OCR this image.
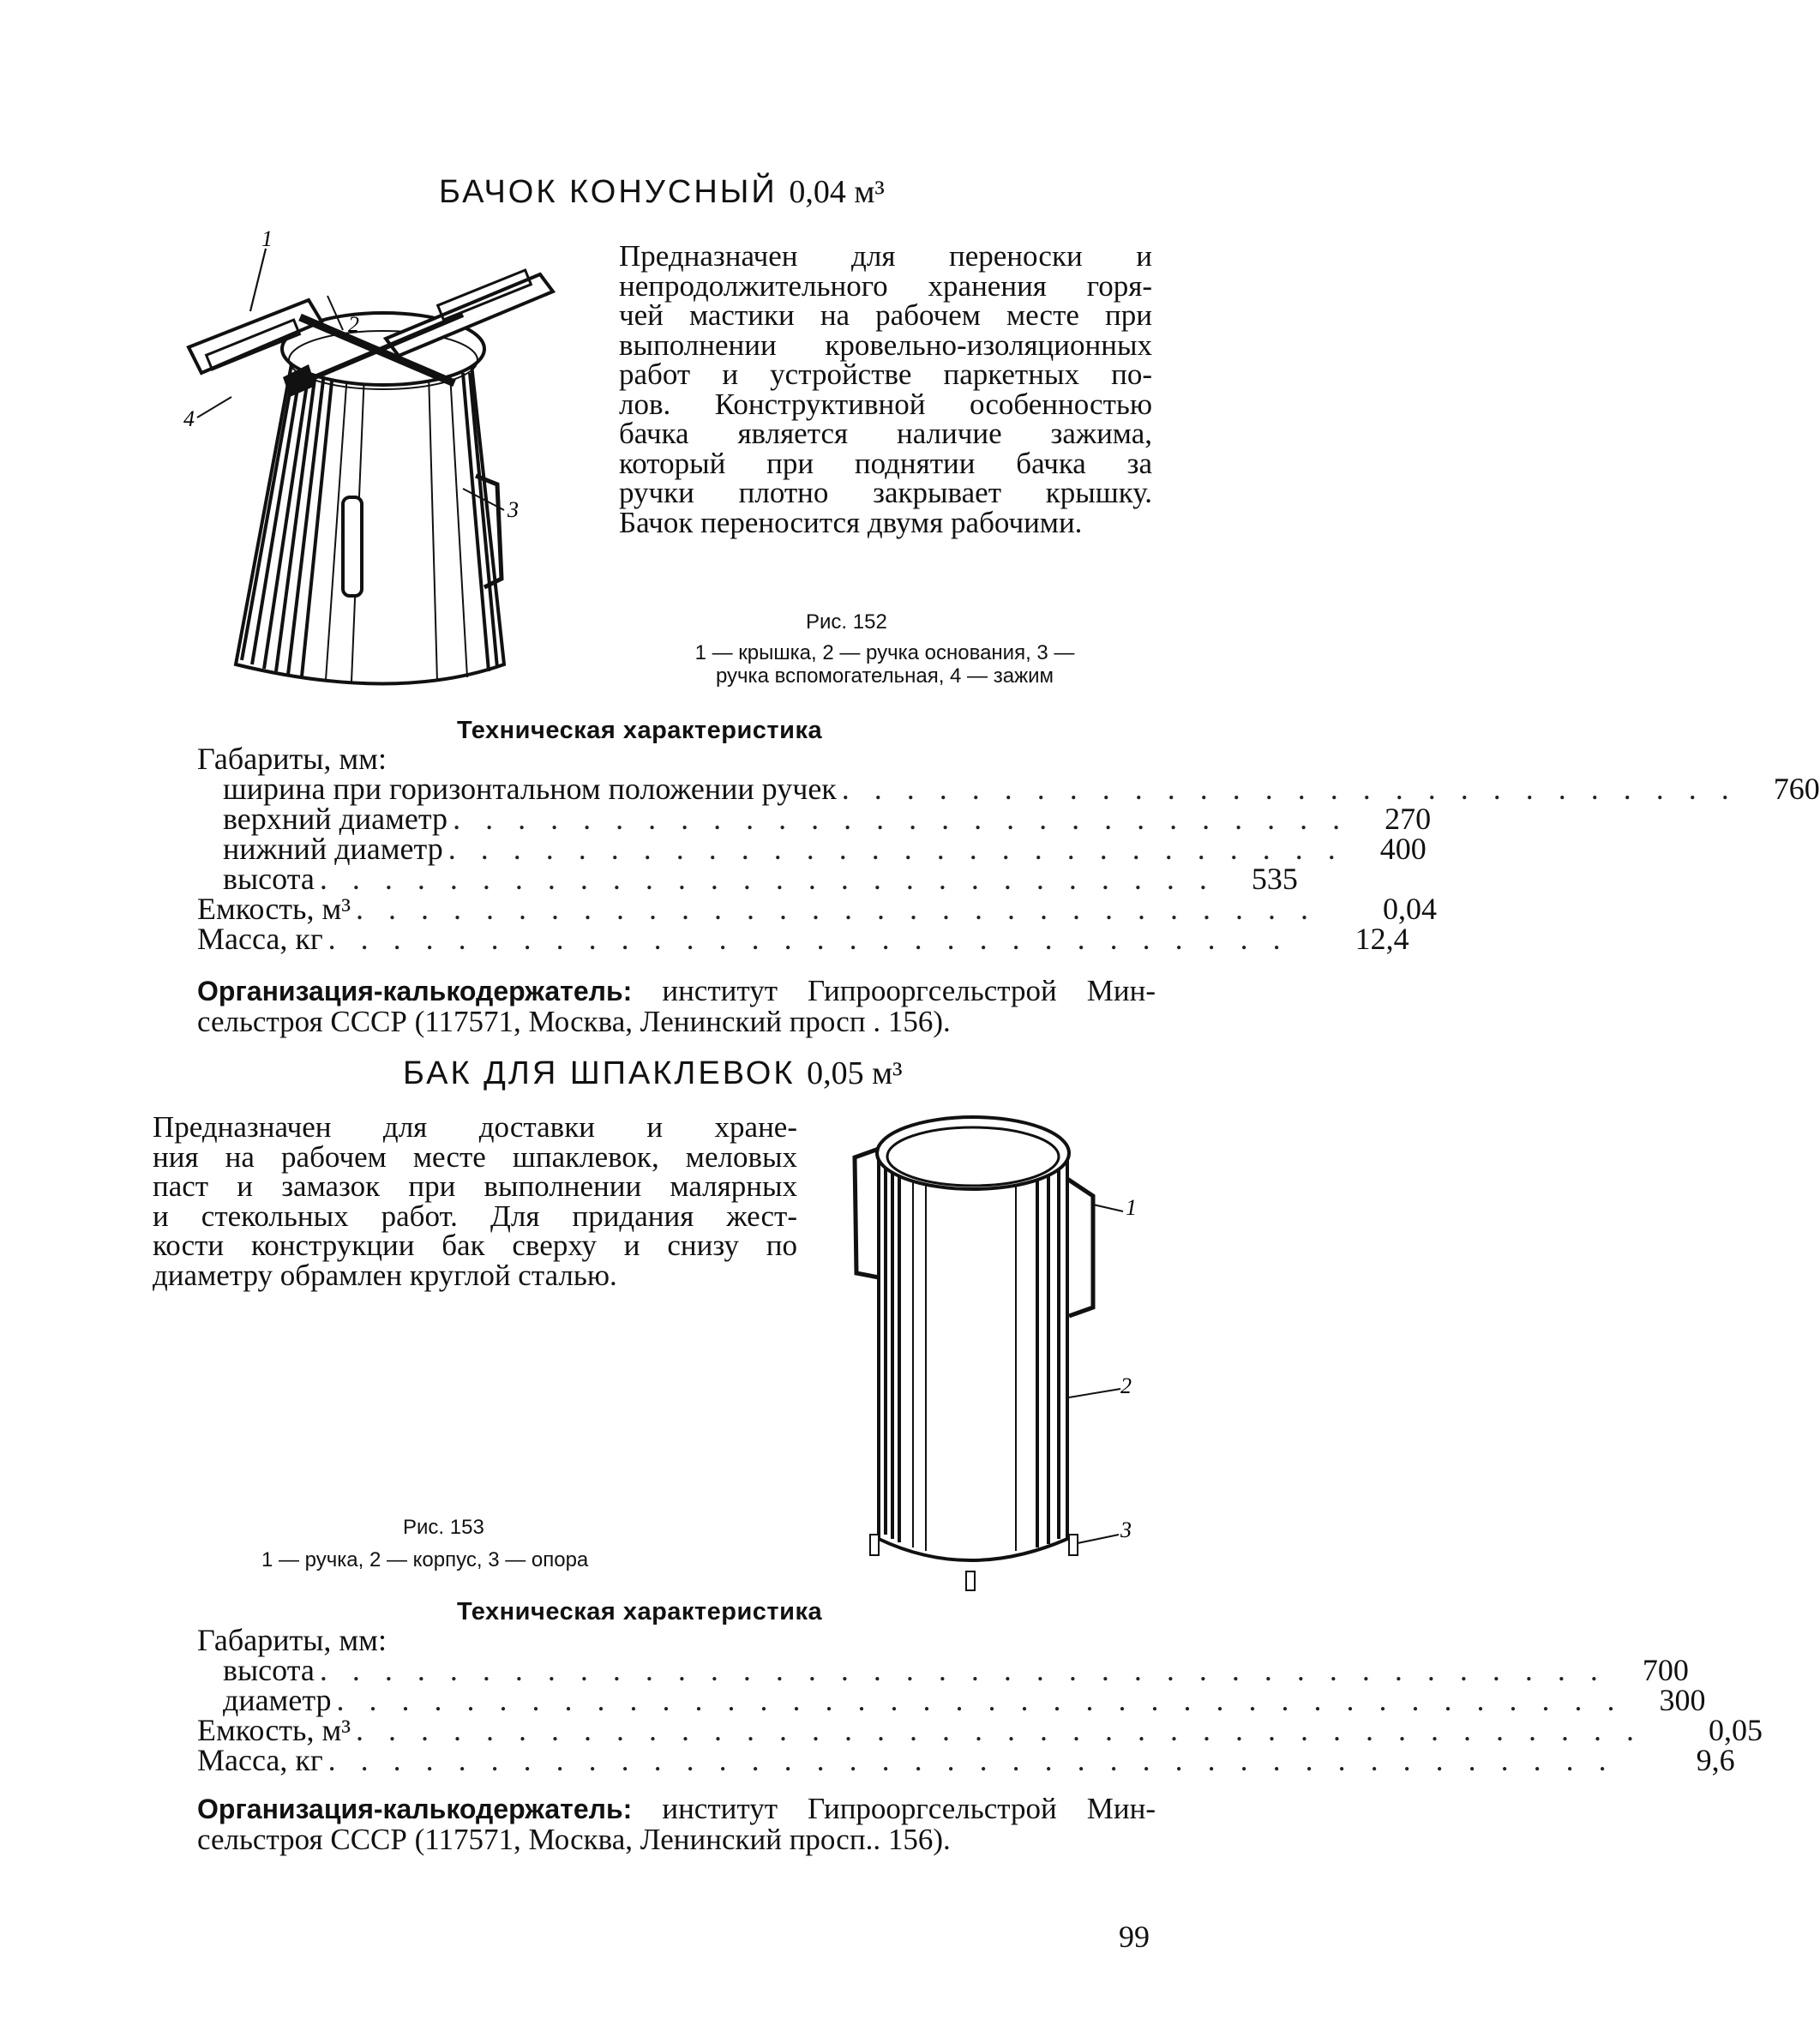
БАЧОК КОНУСНЫЙ 0,04 м³
1
2
3
4
Предназначен для переноски и
непродолжительного хранения горя-
чей мастики на рабочем месте при
выполнении кровельно-изоляционных
работ и устройстве паркетных по-
лов. Конструктивной особенностью
бачка является наличие зажима,
который при поднятии бачка за
ручки плотно закрывает крышку.
Бачок переносится двумя рабочими.
Рис. 152
1 — крышка, 2 — ручка основания, 3 —
ручка вспомогательная, 4 — зажим
Техническая характеристика
Габариты, мм:
ширина при горизонтальном положении ручек . . . . . . . . . . . . . . . . . . . . . . . . . . . .	760
верхний диаметр . . . . . . . . . . . . . . . . . . . . . . . . . . . .	270
нижний диаметр . . . . . . . . . . . . . . . . . . . . . . . . . . . .	400
высота . . . . . . . . . . . . . . . . . . . . . . . . . . . .	535
Емкость, м³ . . . . . . . . . . . . . . . . . . . . . . . . . . . . . .	0,04
Масса, кг . . . . . . . . . . . . . . . . . . . . . . . . . . . . . .	12,4
Организация-калькодержатель: институт Гипрооргсельстрой Мин-
сельстроя СССР (117571, Москва, Ленинский просп . 156).
БАК ДЛЯ ШПАКЛЕВОК 0,05 м³
Предназначен для доставки и хране-
ния на рабочем месте шпаклевок, меловых
паст и замазок при выполнении малярных
и стекольных работ. Для придания жест-
кости конструкции бак сверху и снизу по
диаметру обрамлен круглой сталью.
1
2
3
Рис. 153
1 — ручка, 2 — корпус, 3 — опора
Техническая характеристика
Габариты, мм:
высота . . . . . . . . . . . . . . . . . . . . . . . . . . . . . . . . . . . . . . . .	700
диаметр . . . . . . . . . . . . . . . . . . . . . . . . . . . . . . . . . . . . . . . .	300
Емкость, м³ . . . . . . . . . . . . . . . . . . . . . . . . . . . . . . . . . . . . . . . .	0,05
Масса, кг . . . . . . . . . . . . . . . . . . . . . . . . . . . . . . . . . . . . . . . .	9,6
Организация-калькодержатель: институт Гипрооргсельстрой Мин-
сельстроя СССР (117571, Москва, Ленинский просп.. 156).
99
